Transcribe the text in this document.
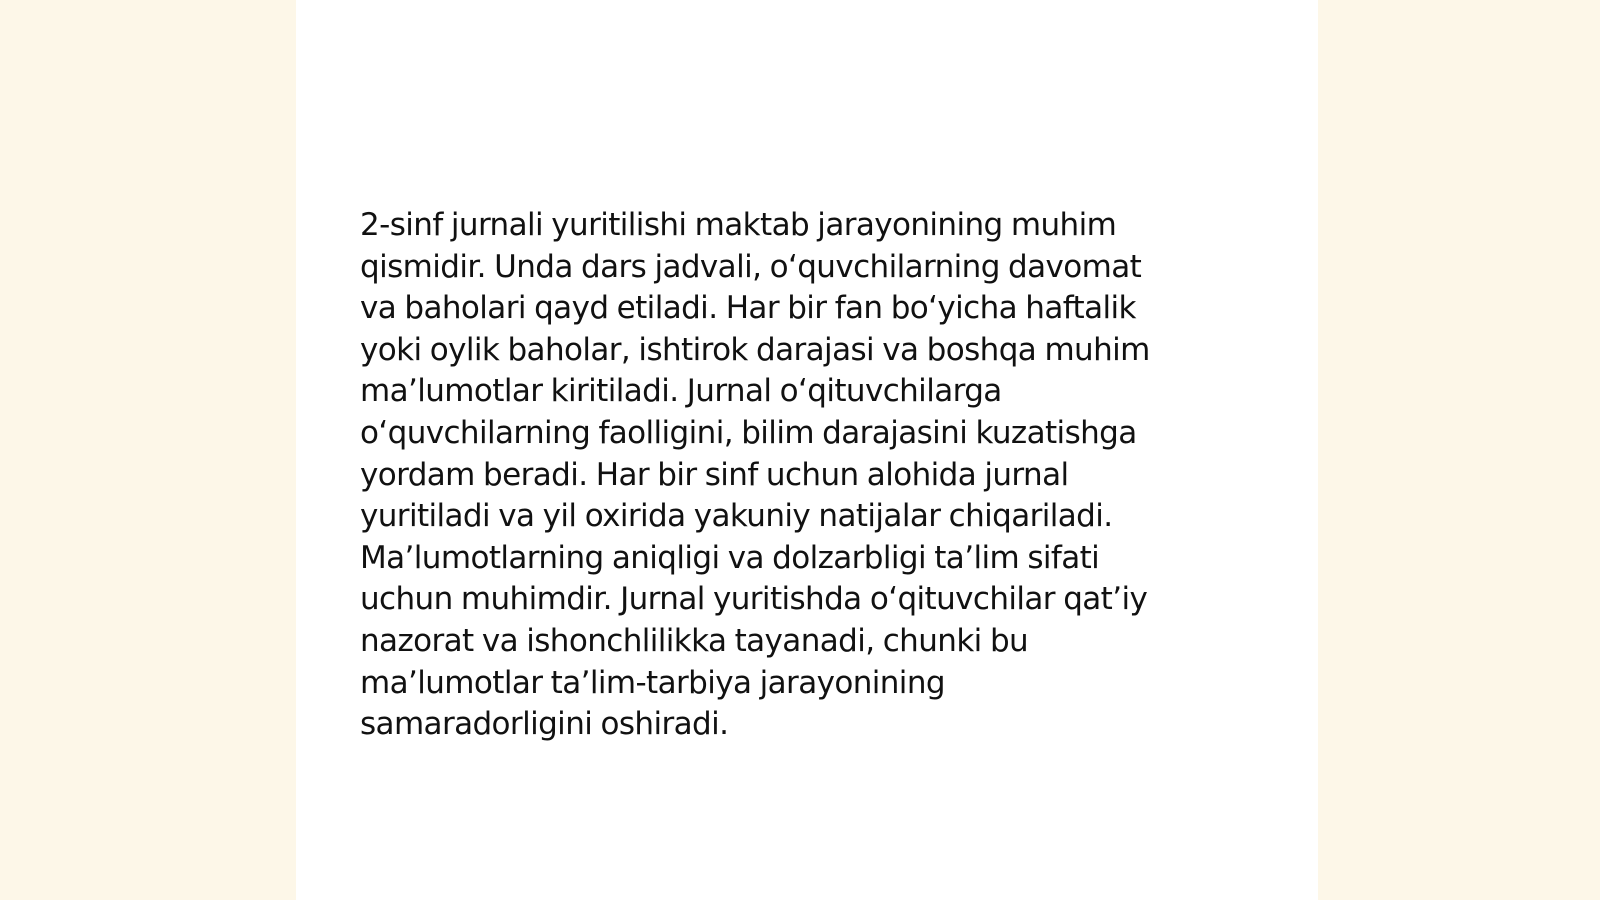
2-sinf jurnali yuritilishi maktab jarayonining muhim
qismidir. Unda dars jadvali, o‘quvchilarning davomat
va baholari qayd etiladi. Har bir fan bo‘yicha haftalik
yoki oylik baholar, ishtirok darajasi va boshqa muhim
ma’lumotlar kiritiladi. Jurnal o‘qituvchilarga
o‘quvchilarning faolligini, bilim darajasini kuzatishga
yordam beradi. Har bir sinf uchun alohida jurnal
yuritiladi va yil oxirida yakuniy natijalar chiqariladi.
Ma’lumotlarning aniqligi va dolzarbligi ta’lim sifati
uchun muhimdir. Jurnal yuritishda o‘qituvchilar qat’iy
nazorat va ishonchlilikka tayanadi, chunki bu
ma’lumotlar ta’lim-tarbiya jarayonining
samaradorligini oshiradi.
